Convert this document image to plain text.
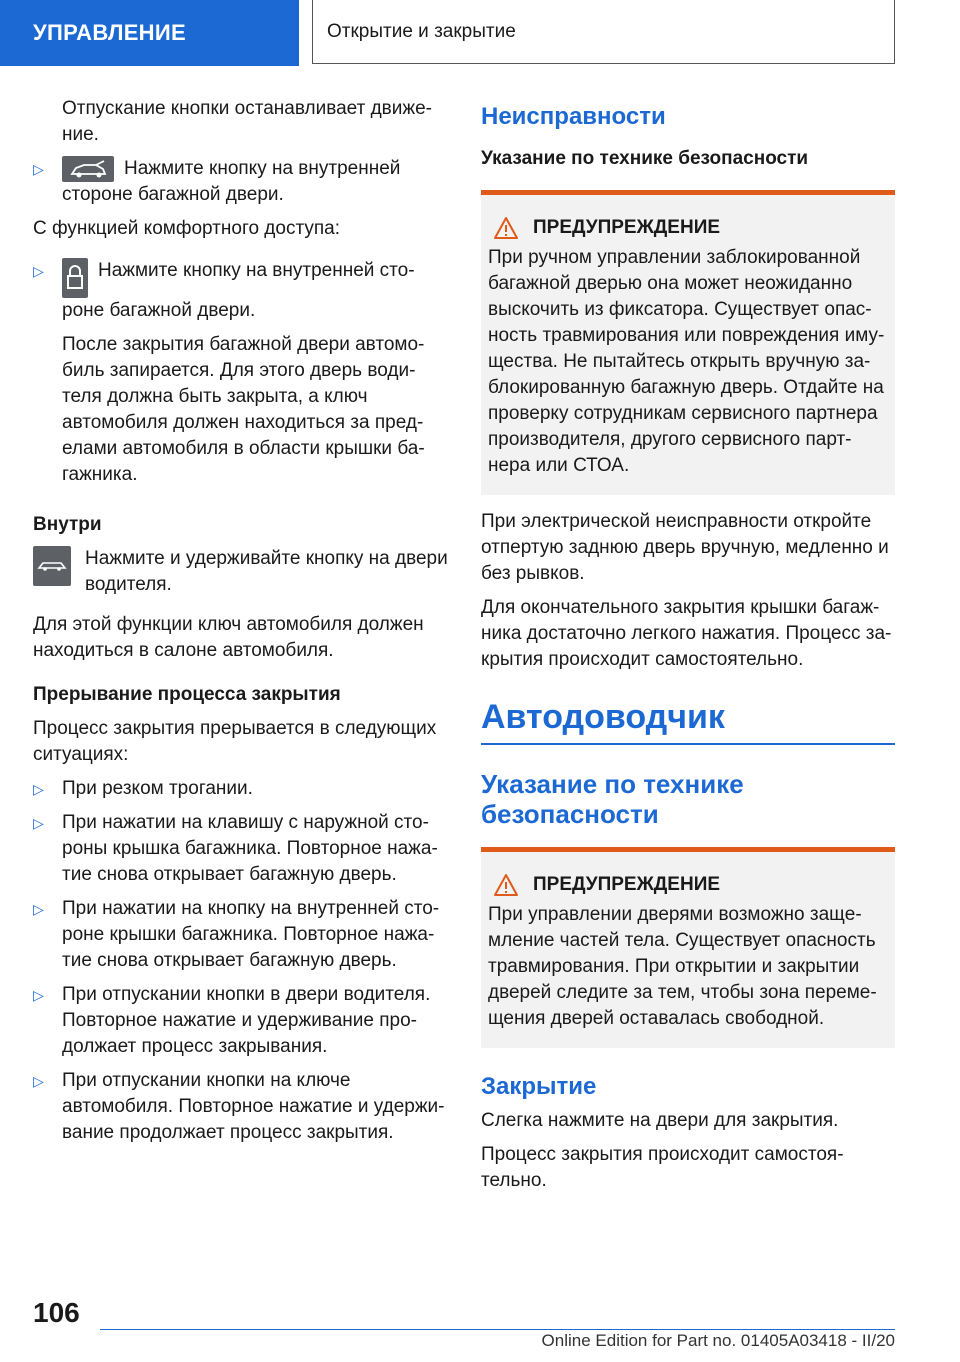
УПРАВЛЕНИЕ	Открытие и закрытие

Отпускание кнопки останавливает движе-
ние.

▷	Нажмите кнопку на внутренней
стороне багажной двери.

С функцией комфортного доступа:

▷	Нажмите кнопку на внутренней сто-
роне багажной двери.

После закрытия багажной двери автомо-
биль запирается. Для этого дверь води-
теля должна быть закрыта, а ключ
автомобиля должен находиться за пред-
елами автомобиля в области крышки ба-
гажника.

Внутри

Нажмите и удерживайте кнопку на двери
водителя.

Для этой функции ключ автомобиля должен
находиться в салоне автомобиля.

Прерывание процесса закрытия

Процесс закрытия прерывается в следующих
ситуациях:

▷ При резком трогании.
▷ При нажатии на клавишу с наружной сто-
роны крышка багажника. Повторное нажа-
тие снова открывает багажную дверь.
▷ При нажатии на кнопку на внутренней сто-
роне крышки багажника. Повторное нажа-
тие снова открывает багажную дверь.
▷ При отпускании кнопки в двери водителя.
Повторное нажатие и удерживание про-
должает процесс закрывания.
▷ При отпускании кнопки на ключе
автомобиля. Повторное нажатие и удержи-
вание продолжает процесс закрытия.

Неисправности

Указание по технике безопасности

ПРЕДУПРЕЖДЕНИЕ

При ручном управлении заблокированной
багажной дверью она может неожиданно
выскочить из фиксатора. Существует опас-
ность травмирования или повреждения иму-
щества. Не пытайтесь открыть вручную за-
блокированную багажную дверь. Отдайте на
проверку сотрудникам сервисного партнера
производителя, другого сервисного парт-
нера или СТОА.

При электрической неисправности откройте
отпертую заднюю дверь вручную, медленно и
без рывков.

Для окончательного закрытия крышки багаж-
ника достаточно легкого нажатия. Процесс за-
крытия происходит самостоятельно.

Автодоводчик

Указание по технике
безопасности

ПРЕДУПРЕЖДЕНИЕ

При управлении дверями возможно зaщe-
мление частей тела. Существует опасность
травмирования. При открытии и закрытии
дверей следите за тем, чтобы зона переме-
щения дверей оставалась свободной.

Закрытие

Слегка нажмите на двери для закрытия.

Процесс закрытия происходит самостоя-
тельно.

106
Online Edition for Part no. 01405A03418 - II/20
